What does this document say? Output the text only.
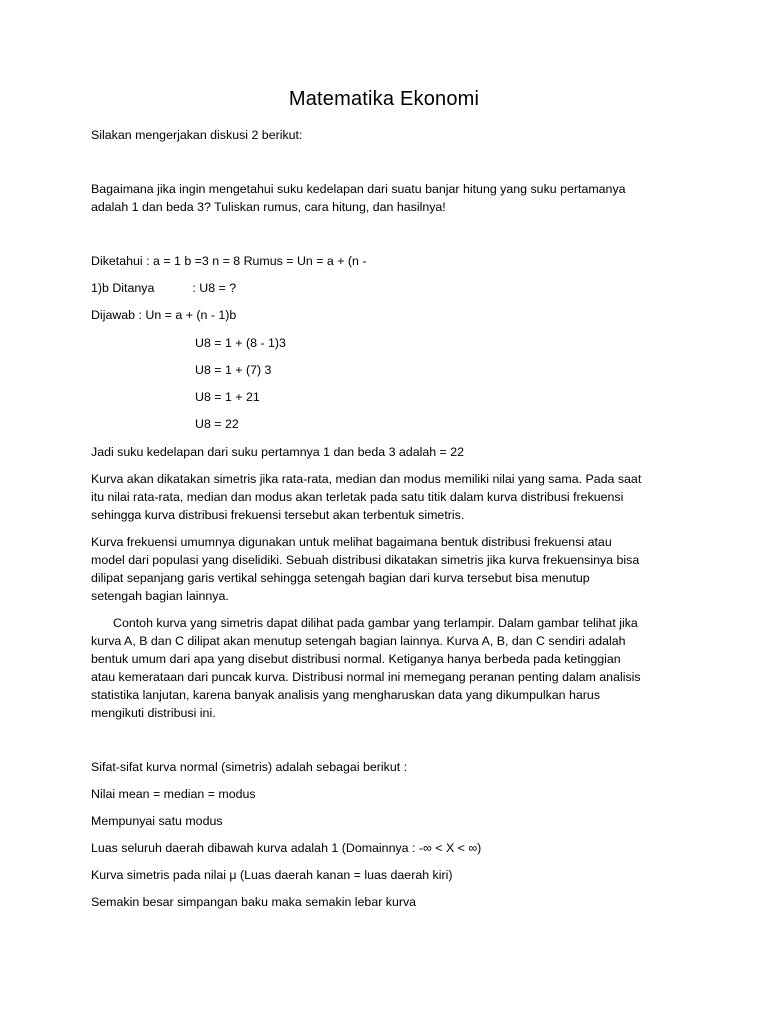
Matematika Ekonomi
Silakan mengerjakan diskusi 2 berikut:
Bagaimana jika ingin mengetahui suku kedelapan dari suatu banjar hitung yang suku pertamanya
adalah 1 dan beda 3? Tuliskan rumus, cara hitung, dan hasilnya!
Diketahui : a = 1 b =3 n = 8 Rumus = Un = a + (n -
1)b Ditanya	: U8 = ?
Dijawab : Un = a + (n - 1)b
U8 = 1 + (8 - 1)3
U8 = 1 + (7) 3
U8 = 1 + 21
U8 = 22
Jadi suku kedelapan dari suku pertamnya 1 dan beda 3 adalah = 22
Kurva akan dikatakan simetris jika rata-rata, median dan modus memiliki nilai yang sama. Pada saat
itu nilai rata-rata, median dan modus akan terletak pada satu titik dalam kurva distribusi frekuensi
sehingga kurva distribusi frekuensi tersebut akan terbentuk simetris.
Kurva frekuensi umumnya digunakan untuk melihat bagaimana bentuk distribusi frekuensi atau
model dari populasi yang diselidiki. Sebuah distribusi dikatakan simetris jika kurva frekuensinya bisa
dilipat sepanjang garis vertikal sehingga setengah bagian dari kurva tersebut bisa menutup
setengah bagian lainnya.
Contoh kurva yang simetris dapat dilihat pada gambar yang terlampir. Dalam gambar telihat jika
kurva A, B dan C dilipat akan menutup setengah bagian lainnya. Kurva A, B, dan C sendiri adalah
bentuk umum dari apa yang disebut distribusi normal. Ketiganya hanya berbeda pada ketinggian
atau kemerataan dari puncak kurva. Distribusi normal ini memegang peranan penting dalam analisis
statistika lanjutan, karena banyak analisis yang mengharuskan data yang dikumpulkan harus
mengikuti distribusi ini.
Sifat-sifat kurva normal (simetris) adalah sebagai berikut :
Nilai mean = median = modus
Mempunyai satu modus
Luas seluruh daerah dibawah kurva adalah 1 (Domainnya : -∞ < X < ∞)
Kurva simetris pada nilai μ (Luas daerah kanan = luas daerah kiri)
Semakin besar simpangan baku maka semakin lebar kurva
